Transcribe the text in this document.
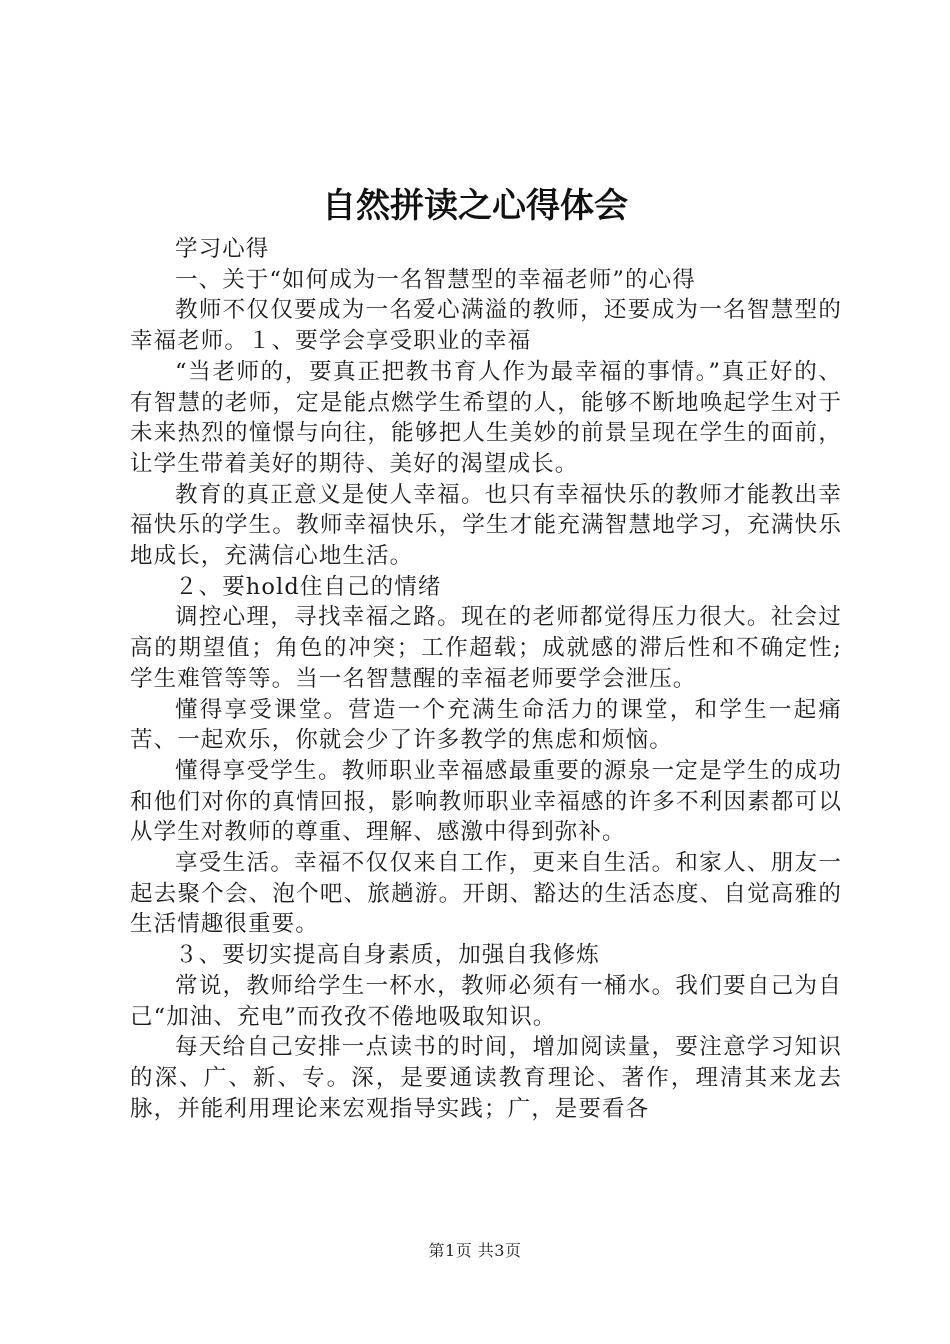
自然拼读之心得体会

学习心得

一、关于“如何成为一名智慧型的幸福老师”的心得

教师不仅仅要成为一名爱心满溢的教师，还要成为一名智慧型的幸福老师。１、要学会享受职业的幸福

“当老师的，要真正把教书育人作为最幸福的事情。”真正好的、有智慧的老师，定是能点燃学生希望的人，能够不断地唤起学生对于未来热烈的憧憬与向往，能够把人生美妙的前景呈现在学生的面前，让学生带着美好的期待、美好的渴望成长。

教育的真正意义是使人幸福。也只有幸福快乐的教师才能教出幸福快乐的学生。教师幸福快乐，学生才能充满智慧地学习，充满快乐地成长，充满信心地生活。

２、要hold住自己的情绪

调控心理，寻找幸福之路。现在的老师都觉得压力很大。社会过高的期望值；角色的冲突；工作超载；成就感的滞后性和不确定性;学生难管等等。当一名智慧醒的幸福老师要学会泄压。

懂得享受课堂。营造一个充满生命活力的课堂，和学生一起痛苦、一起欢乐，你就会少了许多教学的焦虑和烦恼。

懂得享受学生。教师职业幸福感最重要的源泉一定是学生的成功和他们对你的真情回报，影响教师职业幸福感的许多不利因素都可以从学生对教师的尊重、理解、感激中得到弥补。

享受生活。幸福不仅仅来自工作，更来自生活。和家人、朋友一起去聚个会、泡个吧、旅趟游。开朗、豁达的生活态度、自觉高雅的生活情趣很重要。

３、要切实提高自身素质，加强自我修炼

常说，教师给学生一杯水，教师必须有一桶水。我们要自己为自己“加油、充电”而孜孜不倦地吸取知识。

每天给自己安排一点读书的时间，增加阅读量，要注意学习知识的深、广、新、专。深，是要通读教育理论、著作，理清其来龙去脉，并能利用理论来宏观指导实践；广，是要看各

第1页 共3页
